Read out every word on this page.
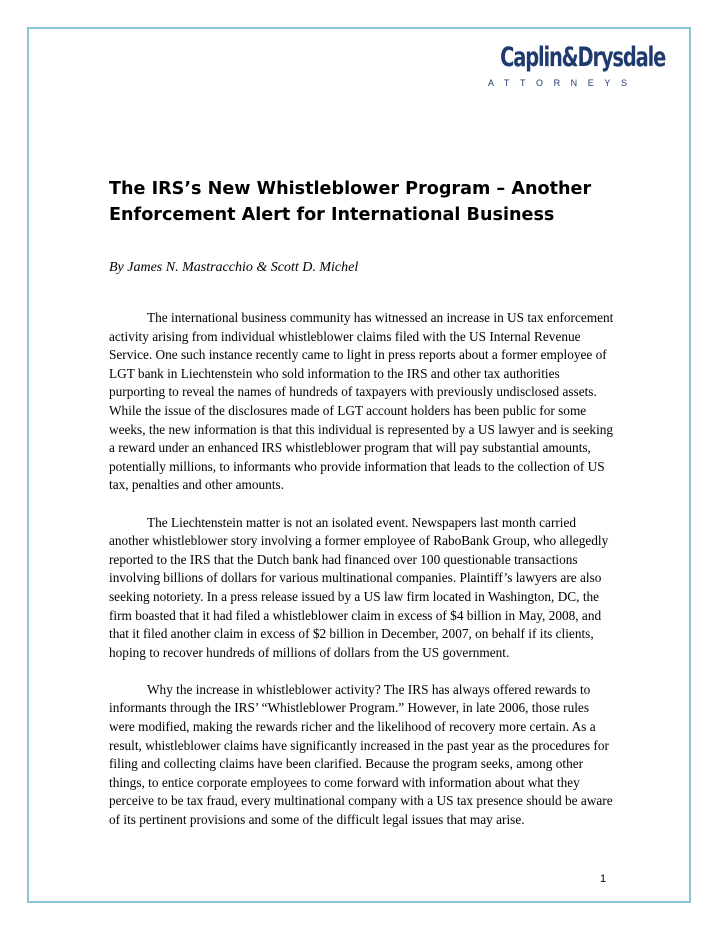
Caplin&Drysdale
ATTORNEYS
The IRS’s New Whistleblower Program – Another Enforcement Alert for International Business

By James N. Mastracchio & Scott D. Michel

The international business community has witnessed an increase in US tax enforcement activity arising from individual whistleblower claims filed with the US Internal Revenue Service. One such instance recently came to light in press reports about a former employee of LGT bank in Liechtenstein who sold information to the IRS and other tax authorities purporting to reveal the names of hundreds of taxpayers with previously undisclosed assets. While the issue of the disclosures made of LGT account holders has been public for some weeks, the new information is that this individual is represented by a US lawyer and is seeking a reward under an enhanced IRS whistleblower program that will pay substantial amounts, potentially millions, to informants who provide information that leads to the collection of US tax, penalties and other amounts.

The Liechtenstein matter is not an isolated event. Newspapers last month carried another whistleblower story involving a former employee of RaboBank Group, who allegedly reported to the IRS that the Dutch bank had financed over 100 questionable transactions involving billions of dollars for various multinational companies. Plaintiff’s lawyers are also seeking notoriety. In a press release issued by a US law firm located in Washington, DC, the firm boasted that it had filed a whistleblower claim in excess of $4 billion in May, 2008, and that it filed another claim in excess of $2 billion in December, 2007, on behalf if its clients, hoping to recover hundreds of millions of dollars from the US government.

Why the increase in whistleblower activity? The IRS has always offered rewards to informants through the IRS’ “Whistleblower Program.” However, in late 2006, those rules were modified, making the rewards richer and the likelihood of recovery more certain. As a result, whistleblower claims have significantly increased in the past year as the procedures for filing and collecting claims have been clarified. Because the program seeks, among other things, to entice corporate employees to come forward with information about what they perceive to be tax fraud, every multinational company with a US tax presence should be aware of its pertinent provisions and some of the difficult legal issues that may arise.

1
